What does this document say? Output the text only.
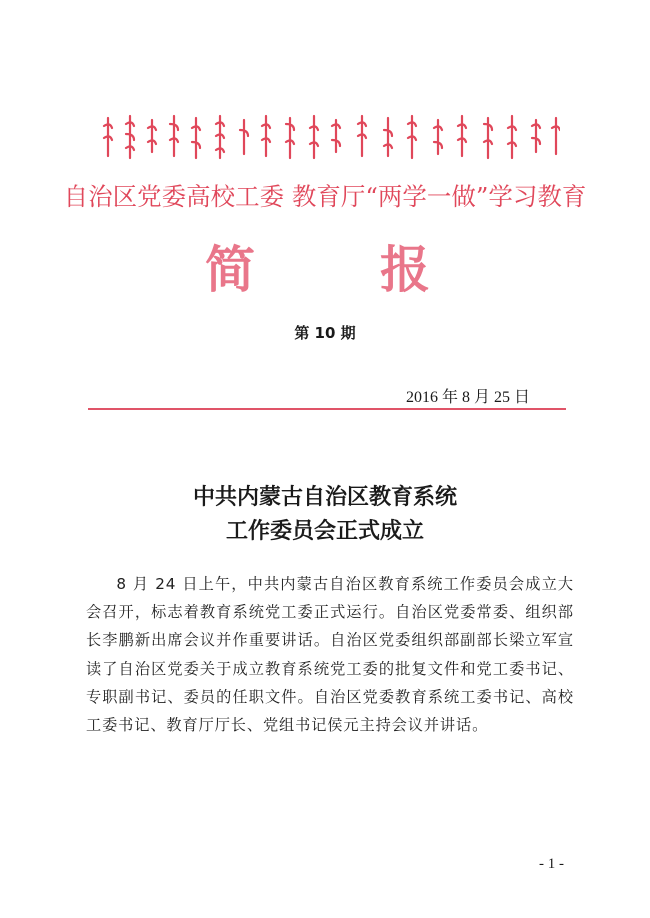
自治区党委高校工委 教育厅“两学一做”学习教育
简	报
第 10 期
2016 年 8 月 25 日
中共内蒙古自治区教育系统
工作委员会正式成立
8 月 24 日上午，中共内蒙古自治区教育系统工作委员会成立大会召开，标志着教育系统党工委正式运行。自治区党委常委、组织部长李鹏新出席会议并作重要讲话。自治区党委组织部副部长梁立军宣读了自治区党委关于成立教育系统党工委的批复文件和党工委书记、专职副书记、委员的任职文件。自治区党委教育系统工委书记、高校工委书记、教育厅厅长、党组书记侯元主持会议并讲话。
- 1 -
